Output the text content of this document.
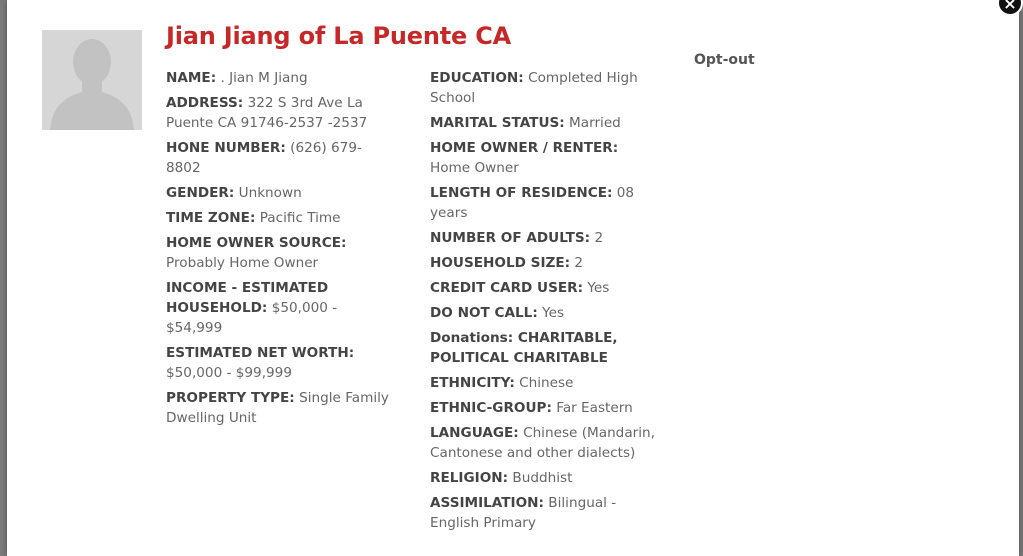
×
Jian Jiang of La Puente CA
Opt-out
NAME: . Jian M Jiang
ADDRESS: 322 S 3rd Ave La Puente CA 91746-2537 -2537
HONE NUMBER: (626) 679-8802
GENDER: Unknown
TIME ZONE: Pacific Time
HOME OWNER SOURCE: Probably Home Owner
INCOME - ESTIMATED HOUSEHOLD: $50,000 - $54,999
ESTIMATED NET WORTH: $50,000 - $99,999
PROPERTY TYPE: Single Family Dwelling Unit
EDUCATION: Completed High School
MARITAL STATUS: Married
HOME OWNER / RENTER: Home Owner
LENGTH OF RESIDENCE: 08 years
NUMBER OF ADULTS: 2
HOUSEHOLD SIZE: 2
CREDIT CARD USER: Yes
DO NOT CALL: Yes
Donations: CHARITABLE, POLITICAL CHARITABLE
ETHNICITY: Chinese
ETHNIC-GROUP: Far Eastern
LANGUAGE: Chinese (Mandarin, Cantonese and other dialects)
RELIGION: Buddhist
ASSIMILATION: Bilingual - English Primary
